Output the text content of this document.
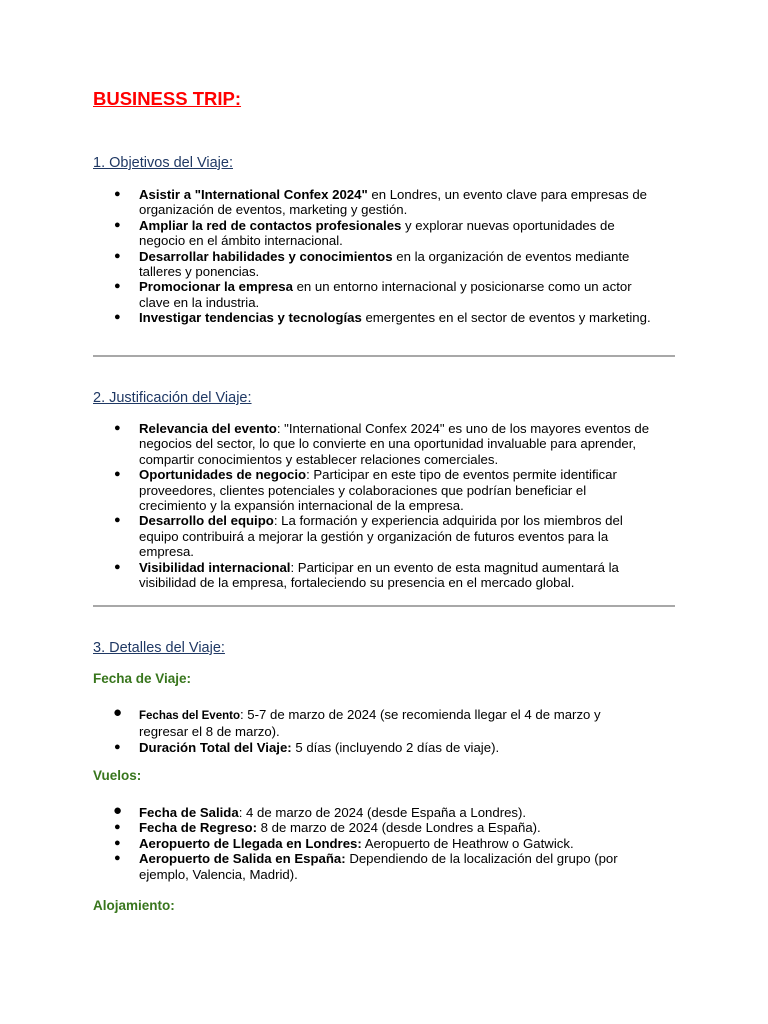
BUSINESS TRIP:
1. Objetivos del Viaje:
● Asistir a "International Confex 2024" en Londres, un evento clave para empresas de organización de eventos, marketing y gestión.
● Ampliar la red de contactos profesionales y explorar nuevas oportunidades de negocio en el ámbito internacional.
● Desarrollar habilidades y conocimientos en la organización de eventos mediante talleres y ponencias.
● Promocionar la empresa en un entorno internacional y posicionarse como un actor clave en la industria.
● Investigar tendencias y tecnologías emergentes en el sector de eventos y marketing.
2. Justificación del Viaje:
● Relevancia del evento: "International Confex 2024" es uno de los mayores eventos de negocios del sector, lo que lo convierte en una oportunidad invaluable para aprender, compartir conocimientos y establecer relaciones comerciales.
● Oportunidades de negocio: Participar en este tipo de eventos permite identificar proveedores, clientes potenciales y colaboraciones que podrían beneficiar el crecimiento y la expansión internacional de la empresa.
● Desarrollo del equipo: La formación y experiencia adquirida por los miembros del equipo contribuirá a mejorar la gestión y organización de futuros eventos para la empresa.
● Visibilidad internacional: Participar en un evento de esta magnitud aumentará la visibilidad de la empresa, fortaleciendo su presencia en el mercado global.
3. Detalles del Viaje:
Fecha de Viaje:
● Fechas del Evento: 5-7 de marzo de 2024 (se recomienda llegar el 4 de marzo y regresar el 8 de marzo).
● Duración Total del Viaje: 5 días (incluyendo 2 días de viaje).
Vuelos:
● Fecha de Salida: 4 de marzo de 2024 (desde España a Londres).
● Fecha de Regreso: 8 de marzo de 2024 (desde Londres a España).
● Aeropuerto de Llegada en Londres: Aeropuerto de Heathrow o Gatwick.
● Aeropuerto de Salida en España: Dependiendo de la localización del grupo (por ejemplo, Valencia, Madrid).
Alojamiento:
